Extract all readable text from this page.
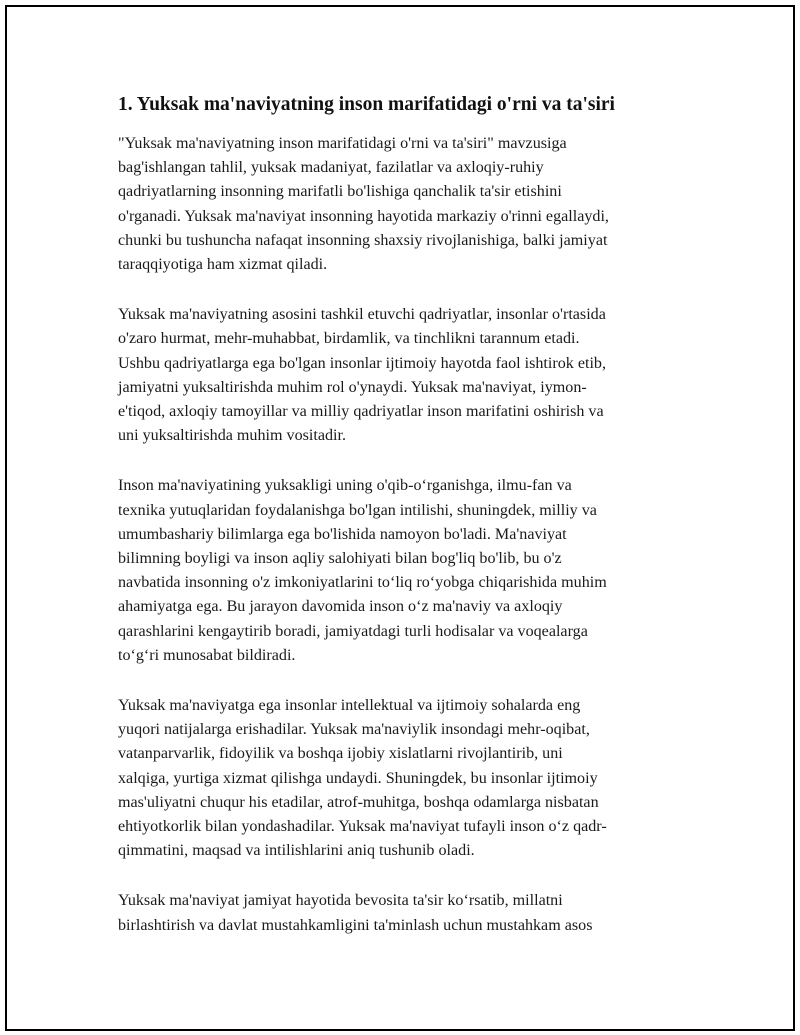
1. Yuksak ma'naviyatning inson marifatidagi o'rni va ta'siri
"Yuksak ma'naviyatning inson marifatidagi o'rni va ta'siri" mavzusiga
bag'ishlangan tahlil, yuksak madaniyat, fazilatlar va axloqiy-ruhiy
qadriyatlarning insonning marifatli bo'lishiga qanchalik ta'sir etishini
o'rganadi. Yuksak ma'naviyat insonning hayotida markaziy o'rinni egallaydi,
chunki bu tushuncha nafaqat insonning shaxsiy rivojlanishiga, balki jamiyat
taraqqiyotiga ham xizmat qiladi.
Yuksak ma'naviyatning asosini tashkil etuvchi qadriyatlar, insonlar o'rtasida
o'zaro hurmat, mehr-muhabbat, birdamlik, va tinchlikni tarannum etadi.
Ushbu qadriyatlarga ega bo'lgan insonlar ijtimoiy hayotda faol ishtirok etib,
jamiyatni yuksaltirishda muhim rol o'ynaydi. Yuksak ma'naviyat, iymon-
e'tiqod, axloqiy tamoyillar va milliy qadriyatlar inson marifatini oshirish va
uni yuksaltirishda muhim vositadir.
Inson ma'naviyatining yuksakligi uning o'qib-o‘rganishga, ilmu-fan va
texnika yutuqlaridan foydalanishga bo'lgan intilishi, shuningdek, milliy va
umumbashariy bilimlarga ega bo'lishida namoyon bo'ladi. Ma'naviyat
bilimning boyligi va inson aqliy salohiyati bilan bog'liq bo'lib, bu o'z
navbatida insonning o'z imkoniyatlarini to‘liq ro‘yobga chiqarishida muhim
ahamiyatga ega. Bu jarayon davomida inson o‘z ma'naviy va axloqiy
qarashlarini kengaytirib boradi, jamiyatdagi turli hodisalar va voqealarga
to‘g‘ri munosabat bildiradi.
Yuksak ma'naviyatga ega insonlar intellektual va ijtimoiy sohalarda eng
yuqori natijalarga erishadilar. Yuksak ma'naviylik insondagi mehr-oqibat,
vatanparvarlik, fidoyilik va boshqa ijobiy xislatlarni rivojlantirib, uni
xalqiga, yurtiga xizmat qilishga undaydi. Shuningdek, bu insonlar ijtimoiy
mas'uliyatni chuqur his etadilar, atrof-muhitga, boshqa odamlarga nisbatan
ehtiyotkorlik bilan yondashadilar. Yuksak ma'naviyat tufayli inson o‘z qadr-
qimmatini, maqsad va intilishlarini aniq tushunib oladi.
Yuksak ma'naviyat jamiyat hayotida bevosita ta'sir ko‘rsatib, millatni
birlashtirish va davlat mustahkamligini ta'minlash uchun mustahkam asos
